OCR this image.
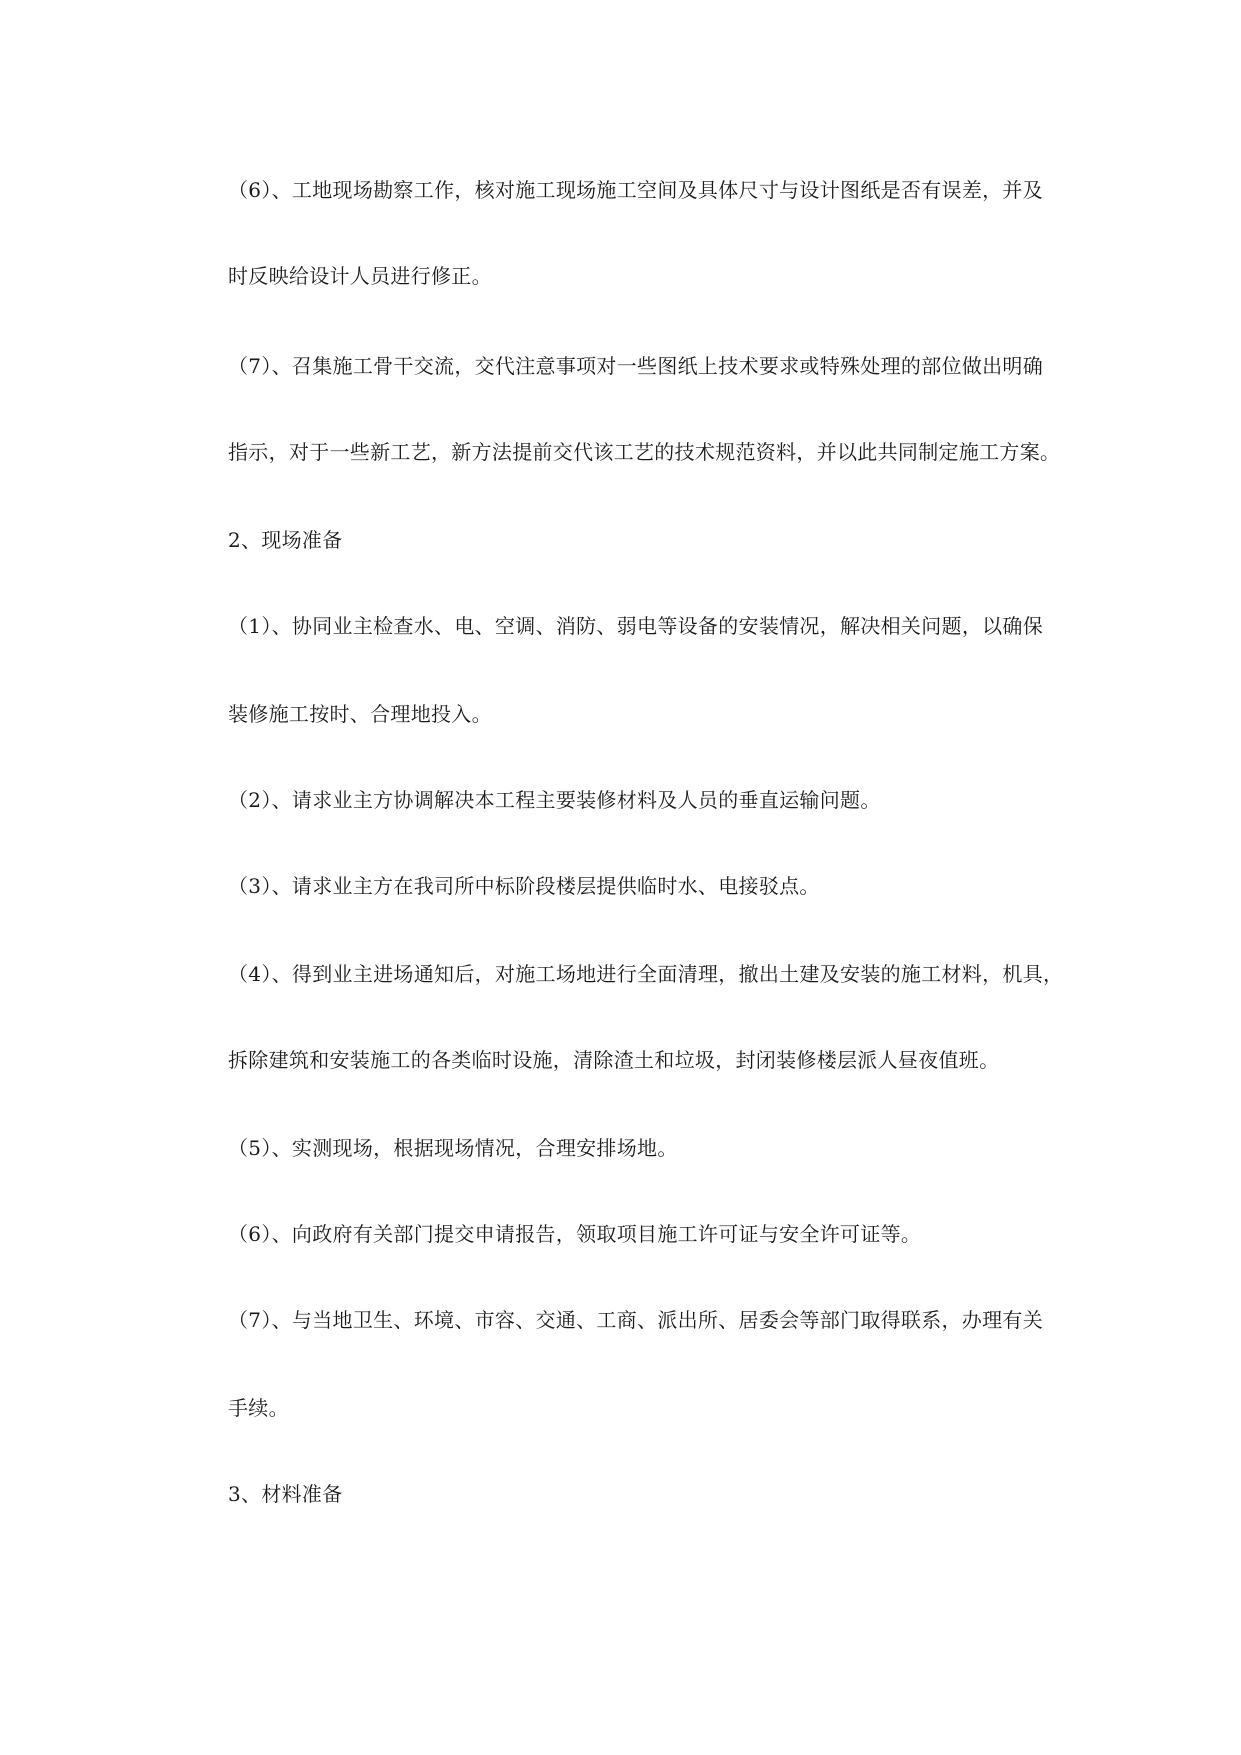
（6）、工地现场勘察工作，核对施工现场施工空间及具体尺寸与设计图纸是否有误差，并及
时反映给设计人员进行修正。
（7）、召集施工骨干交流，交代注意事项对一些图纸上技术要求或特殊处理的部位做出明确
指示，对于一些新工艺，新方法提前交代该工艺的技术规范资料，并以此共同制定施工方案。
2、现场准备
（1）、协同业主检查水、电、空调、消防、弱电等设备的安装情况，解决相关问题，以确保
装修施工按时、合理地投入。
（2）、请求业主方协调解决本工程主要装修材料及人员的垂直运输问题。
（3）、请求业主方在我司所中标阶段楼层提供临时水、电接驳点。
（4）、得到业主进场通知后，对施工场地进行全面清理，撤出土建及安装的施工材料，机具，
拆除建筑和安装施工的各类临时设施，清除渣土和垃圾，封闭装修楼层派人昼夜值班。
（5）、实测现场，根据现场情况，合理安排场地。
（6）、向政府有关部门提交申请报告，领取项目施工许可证与安全许可证等。
（7）、与当地卫生、环境、市容、交通、工商、派出所、居委会等部门取得联系，办理有关
手续。
3、材料准备
